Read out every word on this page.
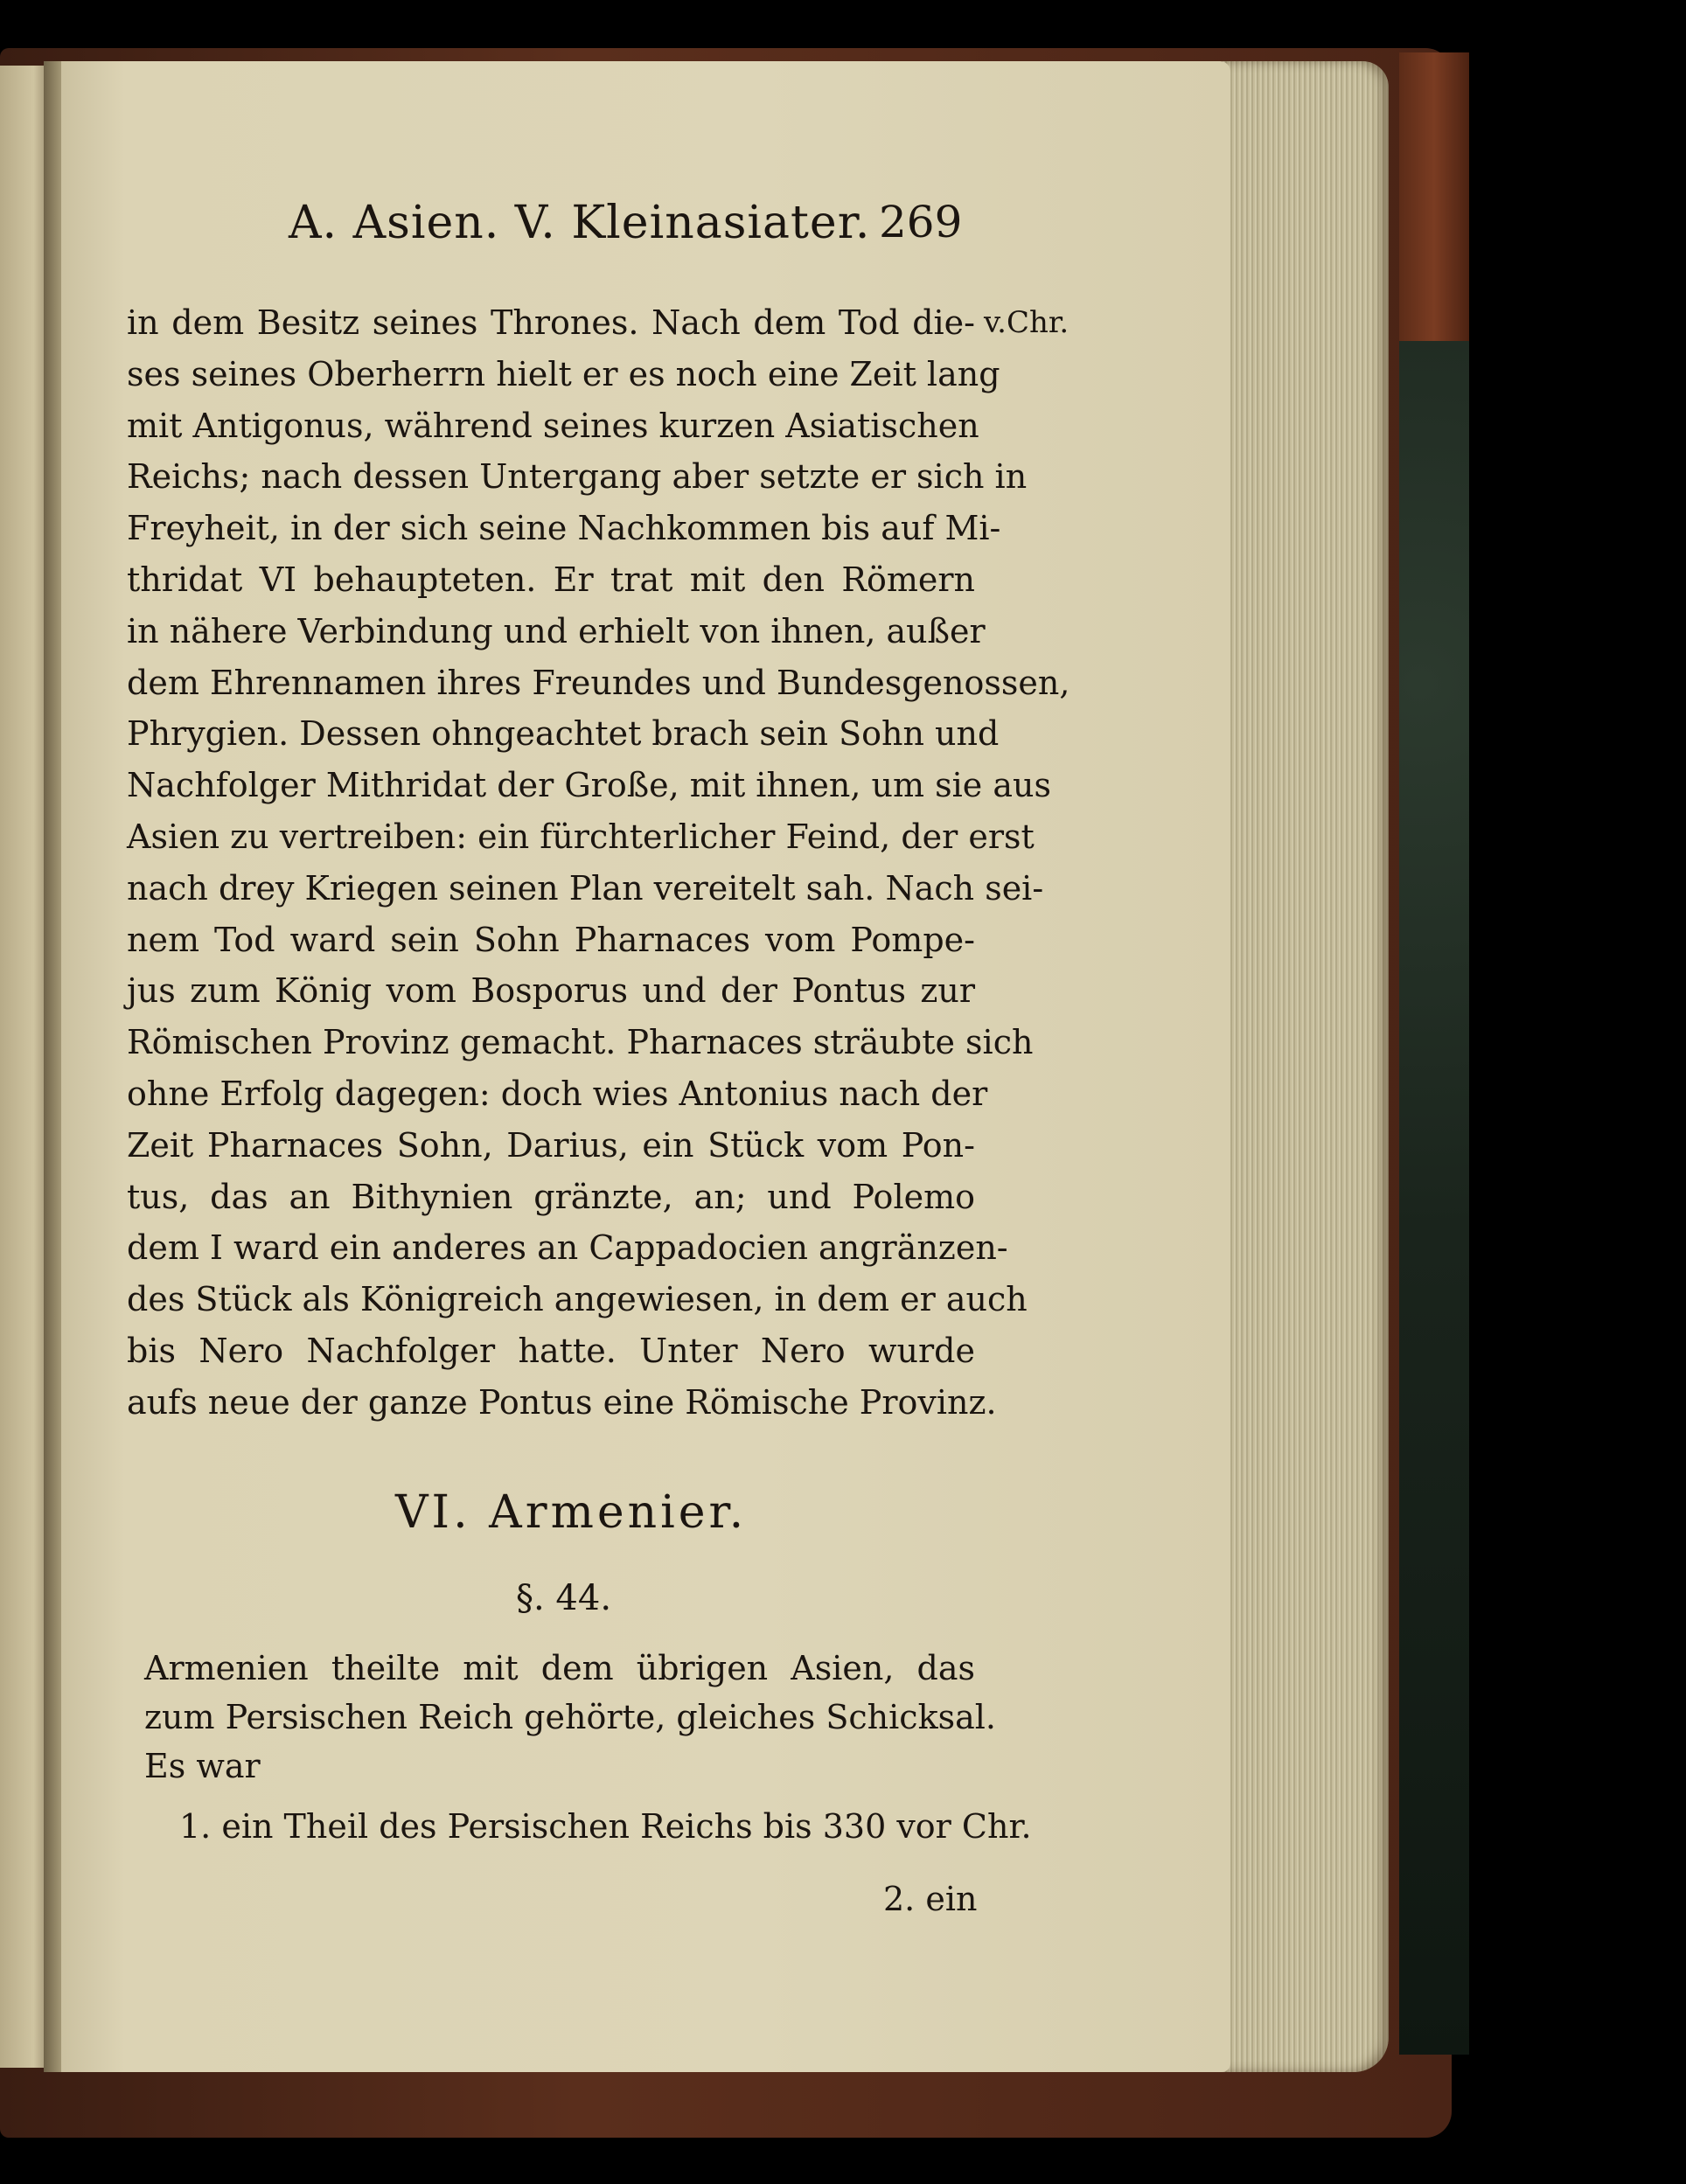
A. Asien. V. Kleinasiater. 269
v.Chr.
in dem Besitz seines Thrones. Nach dem Tod die-
ses seines Oberherrn hielt er es noch eine Zeit lang
mit Antigonus, während seines kurzen Asiatischen
Reichs; nach dessen Untergang aber setzte er sich in
Freyheit, in der sich seine Nachkommen bis auf Mi-
thridat VI behaupteten. Er trat mit den Römern
in nähere Verbindung und erhielt von ihnen, außer
dem Ehrennamen ihres Freundes und Bundesgenossen,
Phrygien. Dessen ohngeachtet brach sein Sohn und
Nachfolger Mithridat der Große, mit ihnen, um sie aus
Asien zu vertreiben: ein fürchterlicher Feind, der erst
nach drey Kriegen seinen Plan vereitelt sah. Nach sei-
nem Tod ward sein Sohn Pharnaces vom Pompe-
jus zum König vom Bosporus und der Pontus zur
Römischen Provinz gemacht. Pharnaces sträubte sich
ohne Erfolg dagegen: doch wies Antonius nach der
Zeit Pharnaces Sohn, Darius, ein Stück vom Pon-
tus, das an Bithynien gränzte, an; und Polemo
dem I ward ein anderes an Cappadocien angränzen-
des Stück als Königreich angewiesen, in dem er auch
bis Nero Nachfolger hatte. Unter Nero wurde
aufs neue der ganze Pontus eine Römische Provinz.
VI. Armenier.
§. 44.
Armenien theilte mit dem übrigen Asien, das
zum Persischen Reich gehörte, gleiches Schicksal.
Es war
1. ein Theil des Persischen Reichs bis 330 vor Chr.
2. ein
